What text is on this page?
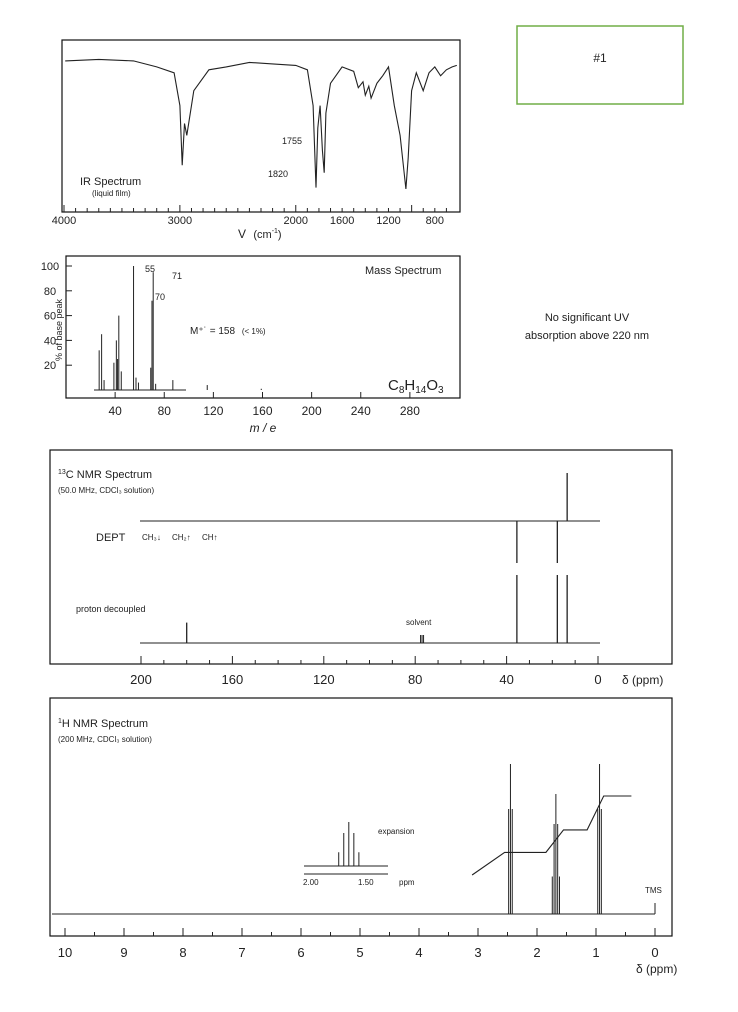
#1
4000	3000	2000 1600 1200 800
IR Spectrum
(liquid film)
1755
1820
V $(cm^{-1})$
40	80	120 160 200 240 280
100
80
60
40
20
% of base peak
Mass Spectrum
55
70
71
M⁺˙ = 158 (< 1%)
$C_8H_{14}O_3$
m / e
No significant UV
absorption above 220 nm
$^{13}$C NMR Spectrum
(50.0 MHz, CDCl₃ solution)
DEPT CH₃↓ CH₂↑ CH↑
proton decoupled
solvent
200	160	120	80	40	0 δ (ppm)
$^1$H NMR Spectrum
(200 MHz, CDCl₃ solution)
TMS
expansion
2.00	1.50	ppm
10	9	8	7	6	5	4	3	2	1	0
δ (ppm)
